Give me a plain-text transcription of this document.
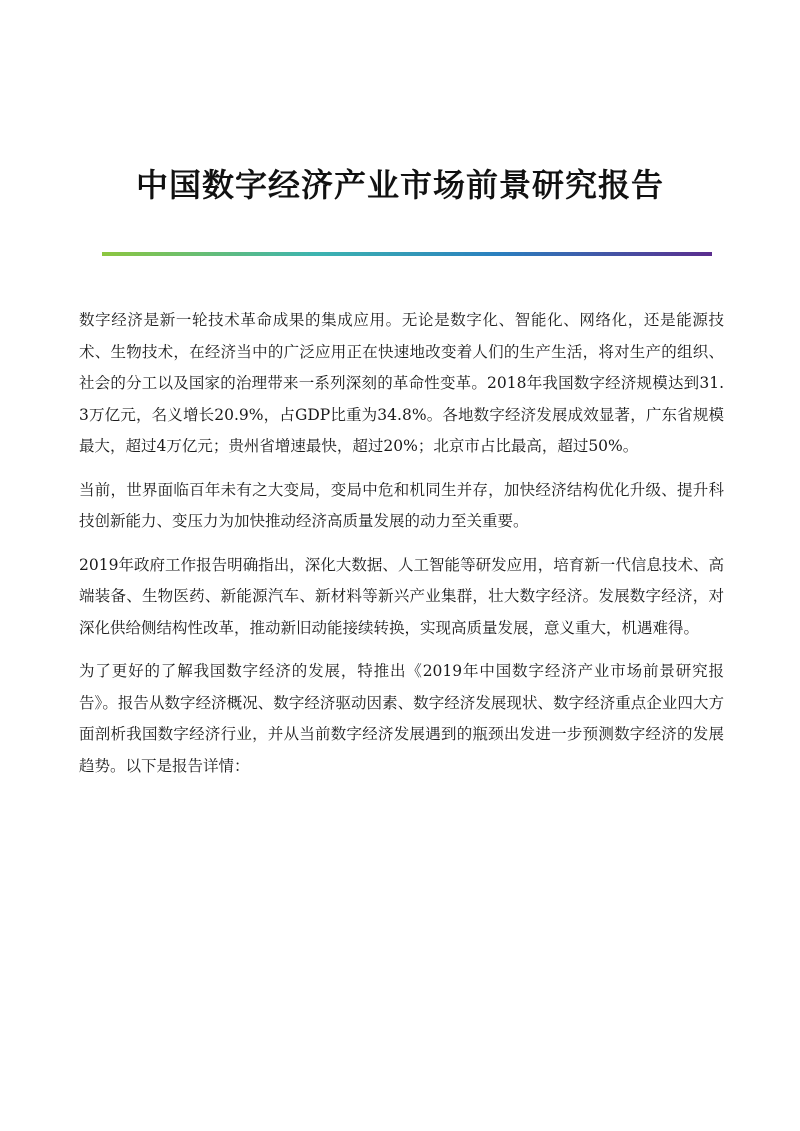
中国数字经济产业市场前景研究报告

数字经济是新一轮技术革命成果的集成应用。无论是数字化、智能化、网络化，还是能源技术、生物技术，在经济当中的广泛应用正在快速地改变着人们的生产生活，将对生产的组织、社会的分工以及国家的治理带来一系列深刻的革命性变革。2018年我国数字经济规模达到31.3万亿元，名义增长20.9%，占GDP比重为34.8%。各地数字经济发展成效显著，广东省规模最大，超过4万亿元；贵州省增速最快，超过20%；北京市占比最高，超过50%。

当前，世界面临百年未有之大变局，变局中危和机同生并存，加快经济结构优化升级、提升科技创新能力、变压力为加快推动经济高质量发展的动力至关重要。

2019年政府工作报告明确指出，深化大数据、人工智能等研发应用，培育新一代信息技术、高端装备、生物医药、新能源汽车、新材料等新兴产业集群，壮大数字经济。发展数字经济，对深化供给侧结构性改革，推动新旧动能接续转换，实现高质量发展，意义重大，机遇难得。

为了更好的了解我国数字经济的发展，特推出《2019年中国数字经济产业市场前景研究报告》。报告从数字经济概况、数字经济驱动因素、数字经济发展现状、数字经济重点企业四大方面剖析我国数字经济行业，并从当前数字经济发展遇到的瓶颈出发进一步预测数字经济的发展趋势。以下是报告详情：
